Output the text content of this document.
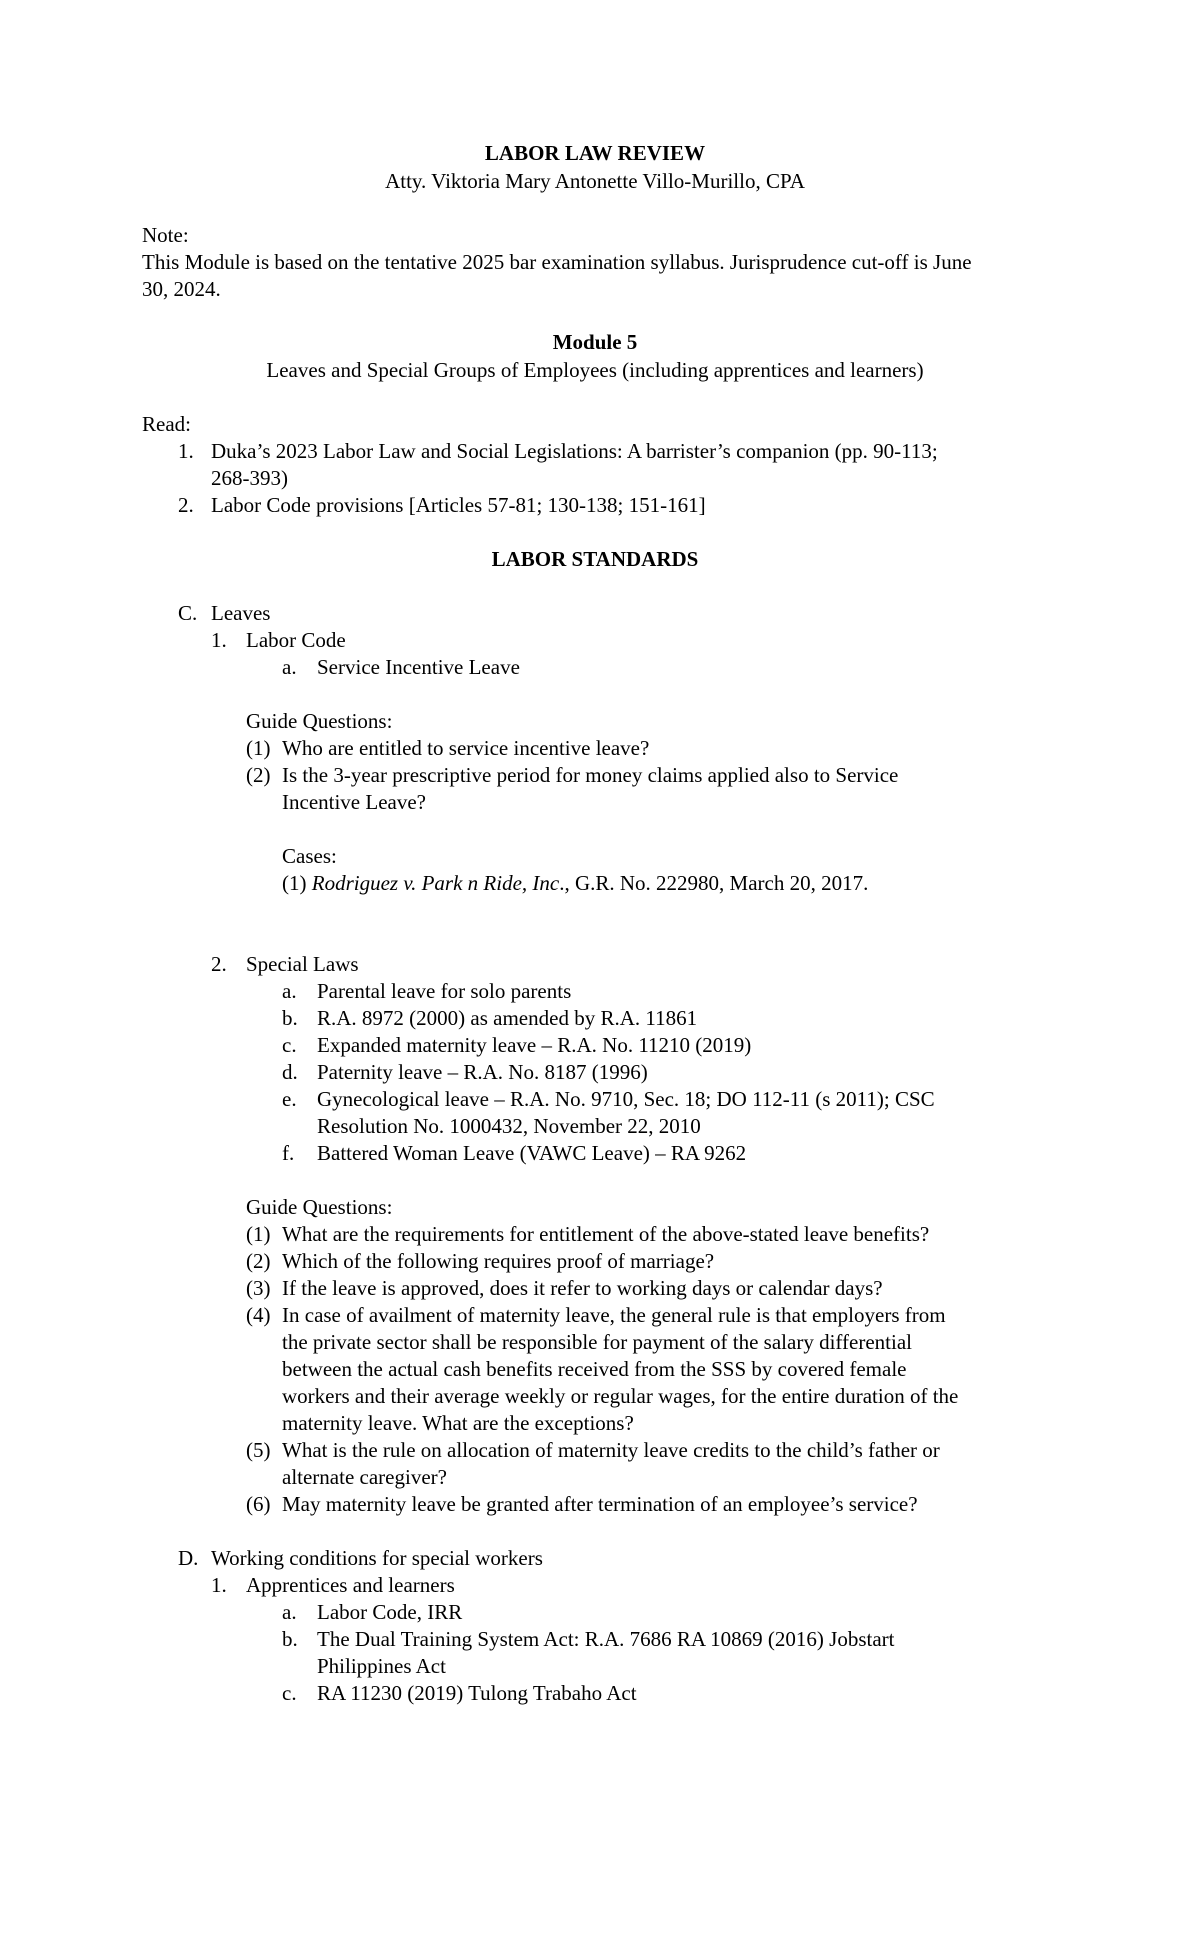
LABOR LAW REVIEW
Atty. Viktoria Mary Antonette Villo-Murillo, CPA
Note:
This Module is based on the tentative 2025 bar examination syllabus. Jurisprudence cut-off is June
30, 2024.
Module 5
Leaves and Special Groups of Employees (including apprentices and learners)
Read:
1. Duka’s 2023 Labor Law and Social Legislations: A barrister’s companion (pp. 90-113;
268-393)
2. Labor Code provisions [Articles 57-81; 130-138; 151-161]
LABOR STANDARDS
C. Leaves
1. Labor Code
a. Service Incentive Leave
Guide Questions:
(1) Who are entitled to service incentive leave?
(2) Is the 3-year prescriptive period for money claims applied also to Service
Incentive Leave?
Cases:
(1) Rodriguez v. Park n Ride, Inc., G.R. No. 222980, March 20, 2017.
2. Special Laws
a. Parental leave for solo parents
b. R.A. 8972 (2000) as amended by R.A. 11861
c. Expanded maternity leave – R.A. No. 11210 (2019)
d. Paternity leave – R.A. No. 8187 (1996)
e. Gynecological leave – R.A. No. 9710, Sec. 18; DO 112-11 (s 2011); CSC
Resolution No. 1000432, November 22, 2010
f. Battered Woman Leave (VAWC Leave) – RA 9262
Guide Questions:
(1) What are the requirements for entitlement of the above-stated leave benefits?
(2) Which of the following requires proof of marriage?
(3) If the leave is approved, does it refer to working days or calendar days?
(4) In case of availment of maternity leave, the general rule is that employers from
the private sector shall be responsible for payment of the salary differential
between the actual cash benefits received from the SSS by covered female
workers and their average weekly or regular wages, for the entire duration of the
maternity leave. What are the exceptions?
(5) What is the rule on allocation of maternity leave credits to the child’s father or
alternate caregiver?
(6) May maternity leave be granted after termination of an employee’s service?
D. Working conditions for special workers
1. Apprentices and learners
a. Labor Code, IRR
b. The Dual Training System Act: R.A. 7686 RA 10869 (2016) Jobstart
Philippines Act
c. RA 11230 (2019) Tulong Trabaho Act
